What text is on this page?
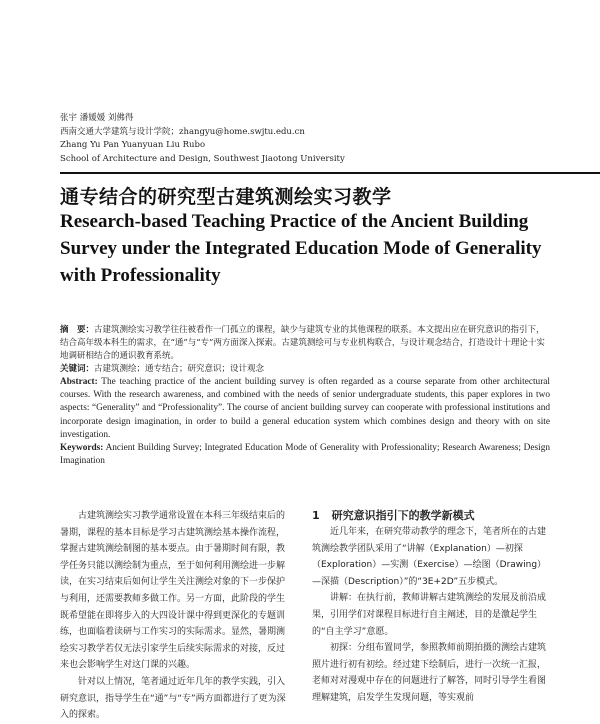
张宇 潘媛媛 刘佛得
西南交通大学建筑与设计学院；zhangyu@home.swjtu.edu.cn
Zhang Yu Pan Yuanyuan Liu Rubo
School of Architecture and Design, Southwest Jiaotong University
通专结合的研究型古建筑测绘实习教学
Research-based Teaching Practice of the Ancient Building Survey under the Integrated Education Mode of Generality with Professionality

摘　要：古建筑测绘实习教学往往被看作一门孤立的课程，缺少与建筑专业的其他课程的联系。本文提出应在研究意识的指引下，结合高年级本科生的需求，在“通”与“专”两方面深入探索。古建筑测绘可与专业机构联合，与设计观念结合，打造设计十理论十实地调研相结合的通识教育系统。

关键词：古建筑测绘；通专结合；研究意识；设计观念

Abstract: The teaching practice of the ancient building survey is often regarded as a course separate from other architectural courses. With the research awareness, and combined with the needs of senior undergraduate students, this paper explores in two aspects: “Generality” and “Professionality”. The course of ancient building survey can cooperate with professional institutions and incorporate design imagination, in order to build a general education system which combines design and theory with on site investigation.

Keywords: Ancient Building Survey; Integrated Education Mode of Generality with Professionality; Research Awareness; Design Imagination

古建筑测绘实习教学通常设置在本科三年级结束后的暑期，课程的基本目标是学习古建筑测绘基本操作流程，掌握古建筑测绘制图的基本要点。由于暑期时间有限，教学任务只能以测绘制为重点，至于如何利用测绘进一步解读，在实习结束后如何让学生关注测绘对象的下一步保护与利用，还需要教师多做工作。另一方面，此阶段的学生既希望能在即将步入的大四设计课中得到更深化的专题训练，也面临着读研与工作实习的实际需求。显然，暑期测绘实习教学若仅无法引家学生后续实际需求的对接，反过来也会影响学生对这门课的兴趣。

针对以上情况，笔者通过近年几年的教学实践，引入研究意识，指导学生在“通”与“专”两方面都进行了更为深入的探索。

1 研究意识指引下的教学新模式

近几年来，在研究带动教学的理念下，笔者所在的古建筑测绘教学团队采用了“讲解（Explanation）—初探（Exploration）—实测（Exercise）—绘图（Drawing）—深描（Description）”的“3E+2D”五步模式。

讲解：在执行前，教师讲解古建筑测绘的发展及前沿成果，引用学们对课程目标进行自主阐述，目的是激起学生的“自主学习”意愿。

初探：分组布置同学，参照教师前期拍摄的测绘古建筑照片进行初有初绘。经过建下绘制后，进行一次统一汇报，老师对对漫观中存在的问题进行了解答，同时引导学生看图理解建筑，启发学生发现问题，等实观前
